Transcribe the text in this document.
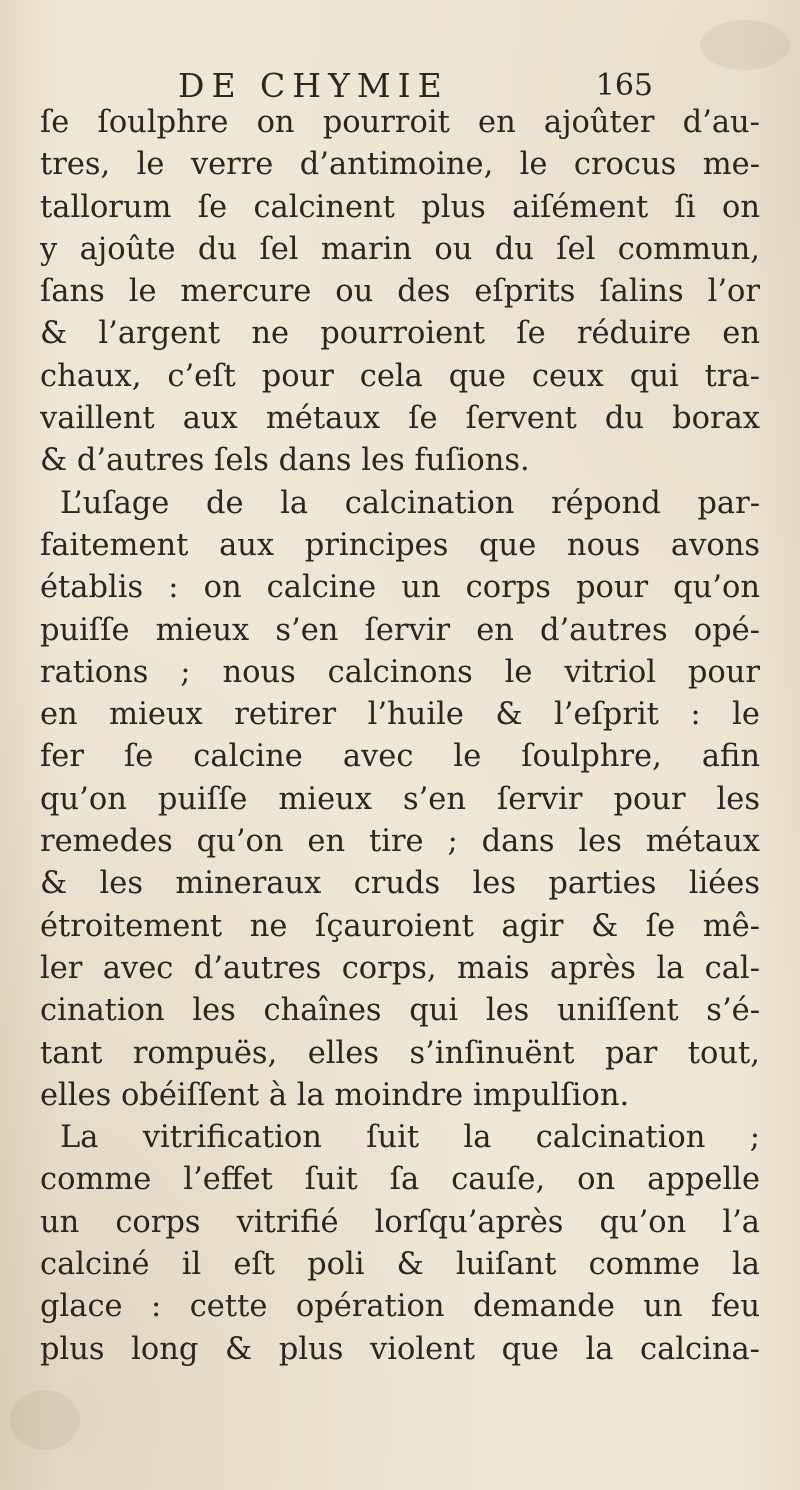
DE CHYMIE	165
ſe ſoulphre on pourroit en ajoûter d’au-
tres, le verre d’antimoine, le crocus me-
tallorum ſe calcinent plus aiſément ſi on
y ajoûte du ſel marin ou du ſel commun,
ſans le mercure ou des eſprits ſalins l’or
& l’argent ne pourroient ſe réduire en
chaux, c’eſt pour cela que ceux qui tra-
vaillent aux métaux ſe ſervent du borax
& d’autres ſels dans les fuſions.
L’uſage de la calcination répond par-
faitement aux principes que nous avons
établis : on calcine un corps pour qu’on
puiſſe mieux s’en ſervir en d’autres opé-
rations ; nous calcinons le vitriol pour
en mieux retirer l’huile & l’eſprit : le
fer ſe calcine avec le ſoulphre, afin
qu’on puiſſe mieux s’en ſervir pour les
remedes qu’on en tire ; dans les métaux
& les mineraux cruds les parties liées
étroitement ne ſçauroient agir & ſe mê-
ler avec d’autres corps, mais après la cal-
cination les chaînes qui les uniſſent s’é-
tant rompuës, elles s’inſinuënt par tout,
elles obéiſſent à la moindre impulſion.
La vitrification ſuit la calcination ;
comme l’effet ſuit ſa cauſe, on appelle
un corps vitrifié lorſqu’après qu’on l’a
calciné il eſt poli & luiſant comme la
glace : cette opération demande un feu
plus long & plus violent que la calcina-
